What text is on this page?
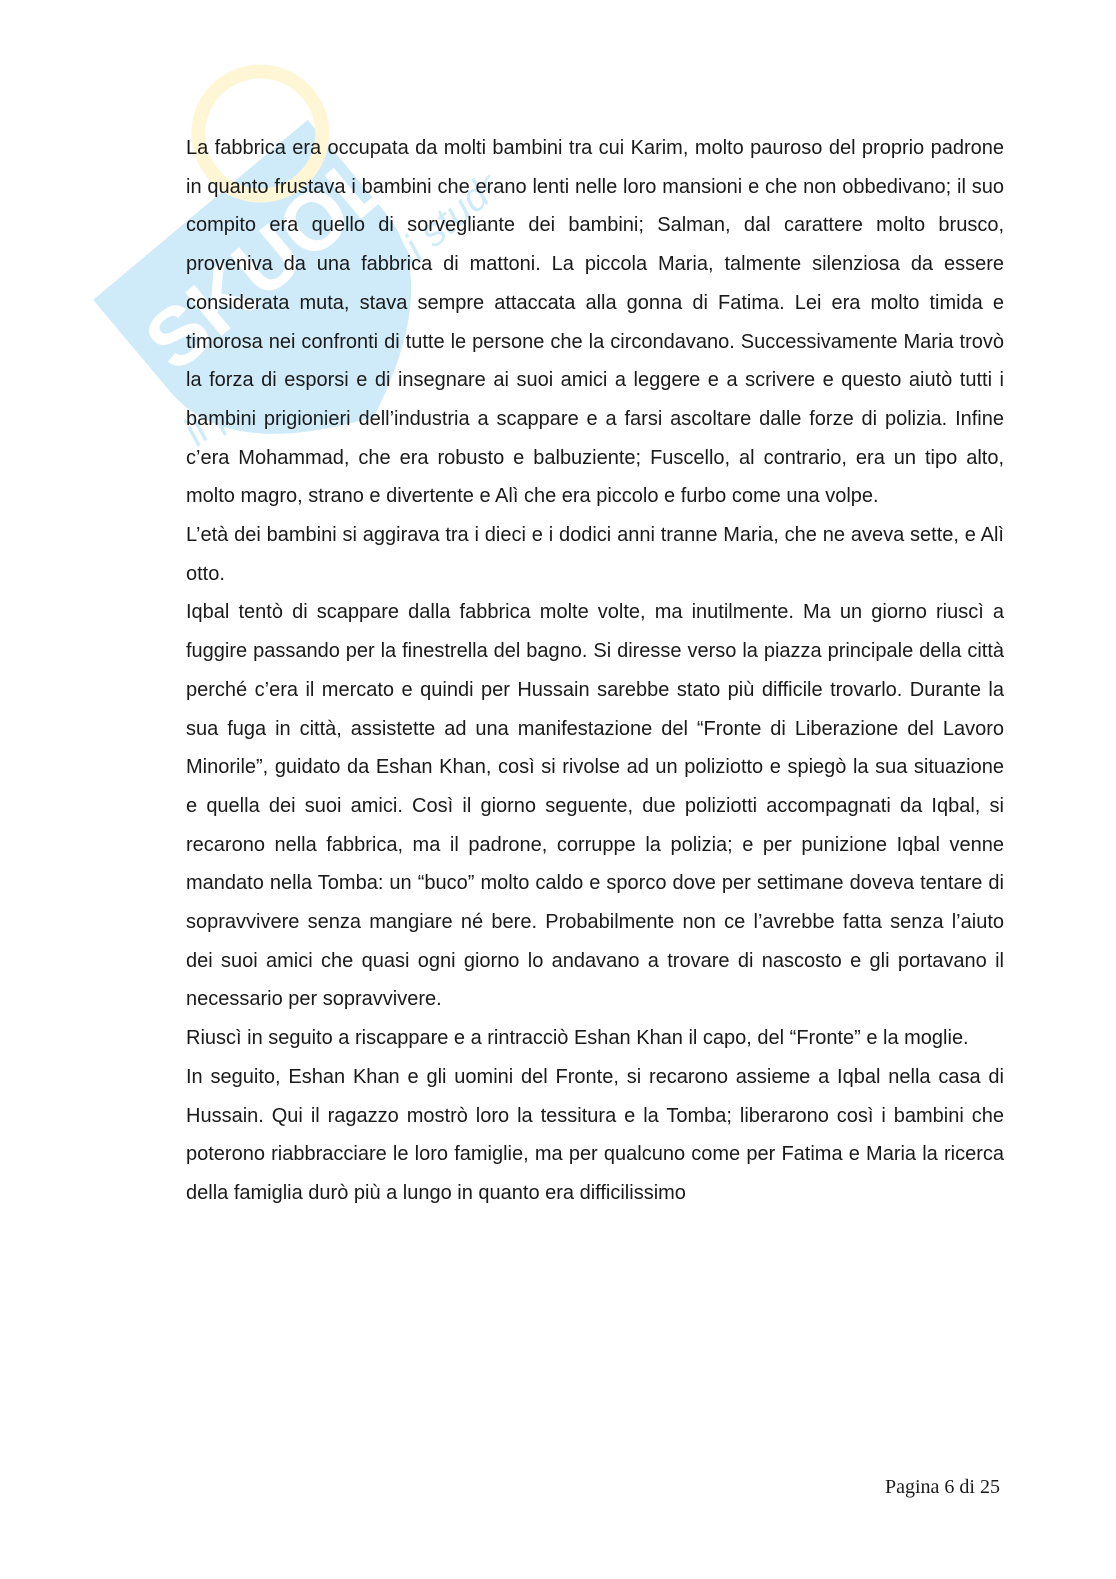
SKUOLA.net
il primo sito degli studenti

La fabbrica era occupata da molti bambini tra cui Karim, molto pauroso del proprio padrone in quanto frustava i bambini che erano lenti nelle loro mansioni e che non obbedivano; il suo compito era quello di sorvegliante dei bambini; Salman, dal carattere molto brusco, proveniva da una fabbrica di mattoni. La piccola Maria, talmente silenziosa da essere considerata muta, stava sempre attaccata alla gonna di Fatima. Lei era molto timida e timorosa nei confronti di tutte le persone che la circondavano. Successivamente Maria trovò la forza di esporsi e di insegnare ai suoi amici a leggere e a scrivere e questo aiutò tutti i bambini prigionieri dell’industria a scappare e a farsi ascoltare dalle forze di polizia. Infine c’era Mohammad, che era robusto e balbuziente; Fuscello, al contrario, era un tipo alto, molto magro, strano e divertente e Alì che era piccolo e furbo come una volpe.

L’età dei bambini si aggirava tra i dieci e i dodici anni tranne Maria, che ne aveva sette, e Alì otto.

Iqbal tentò di scappare dalla fabbrica molte volte, ma inutilmente. Ma un giorno riuscì a fuggire passando per la finestrella del bagno. Si diresse verso la piazza principale della città perché c’era il mercato e quindi per Hussain sarebbe stato più difficile trovarlo. Durante la sua fuga in città, assistette ad una manifestazione del “Fronte di Liberazione del Lavoro Minorile”, guidato da Eshan Khan, così si rivolse ad un poliziotto e spiegò la sua situazione e quella dei suoi amici. Così il giorno seguente, due poliziotti accompagnati da Iqbal, si recarono nella fabbrica, ma il padrone, corruppe la polizia; e per punizione Iqbal venne mandato nella Tomba: un “buco” molto caldo e sporco dove per settimane doveva tentare di sopravvivere senza mangiare né bere. Probabilmente non ce l’avrebbe fatta senza l’aiuto dei suoi amici che quasi ogni giorno lo andavano a trovare di nascosto e gli portavano il necessario per sopravvivere.

Riuscì in seguito a riscappare e a rintracciò Eshan Khan il capo, del “Fronte” e la moglie.

In seguito, Eshan Khan e gli uomini del Fronte, si recarono assieme a Iqbal nella casa di Hussain. Qui il ragazzo mostrò loro la tessitura e la Tomba; liberarono così i bambini che poterono riabbracciare le loro famiglie, ma per qualcuno come per Fatima e Maria la ricerca della famiglia durò più a lungo in quanto era difficilissimo

Pagina 6 di 25
